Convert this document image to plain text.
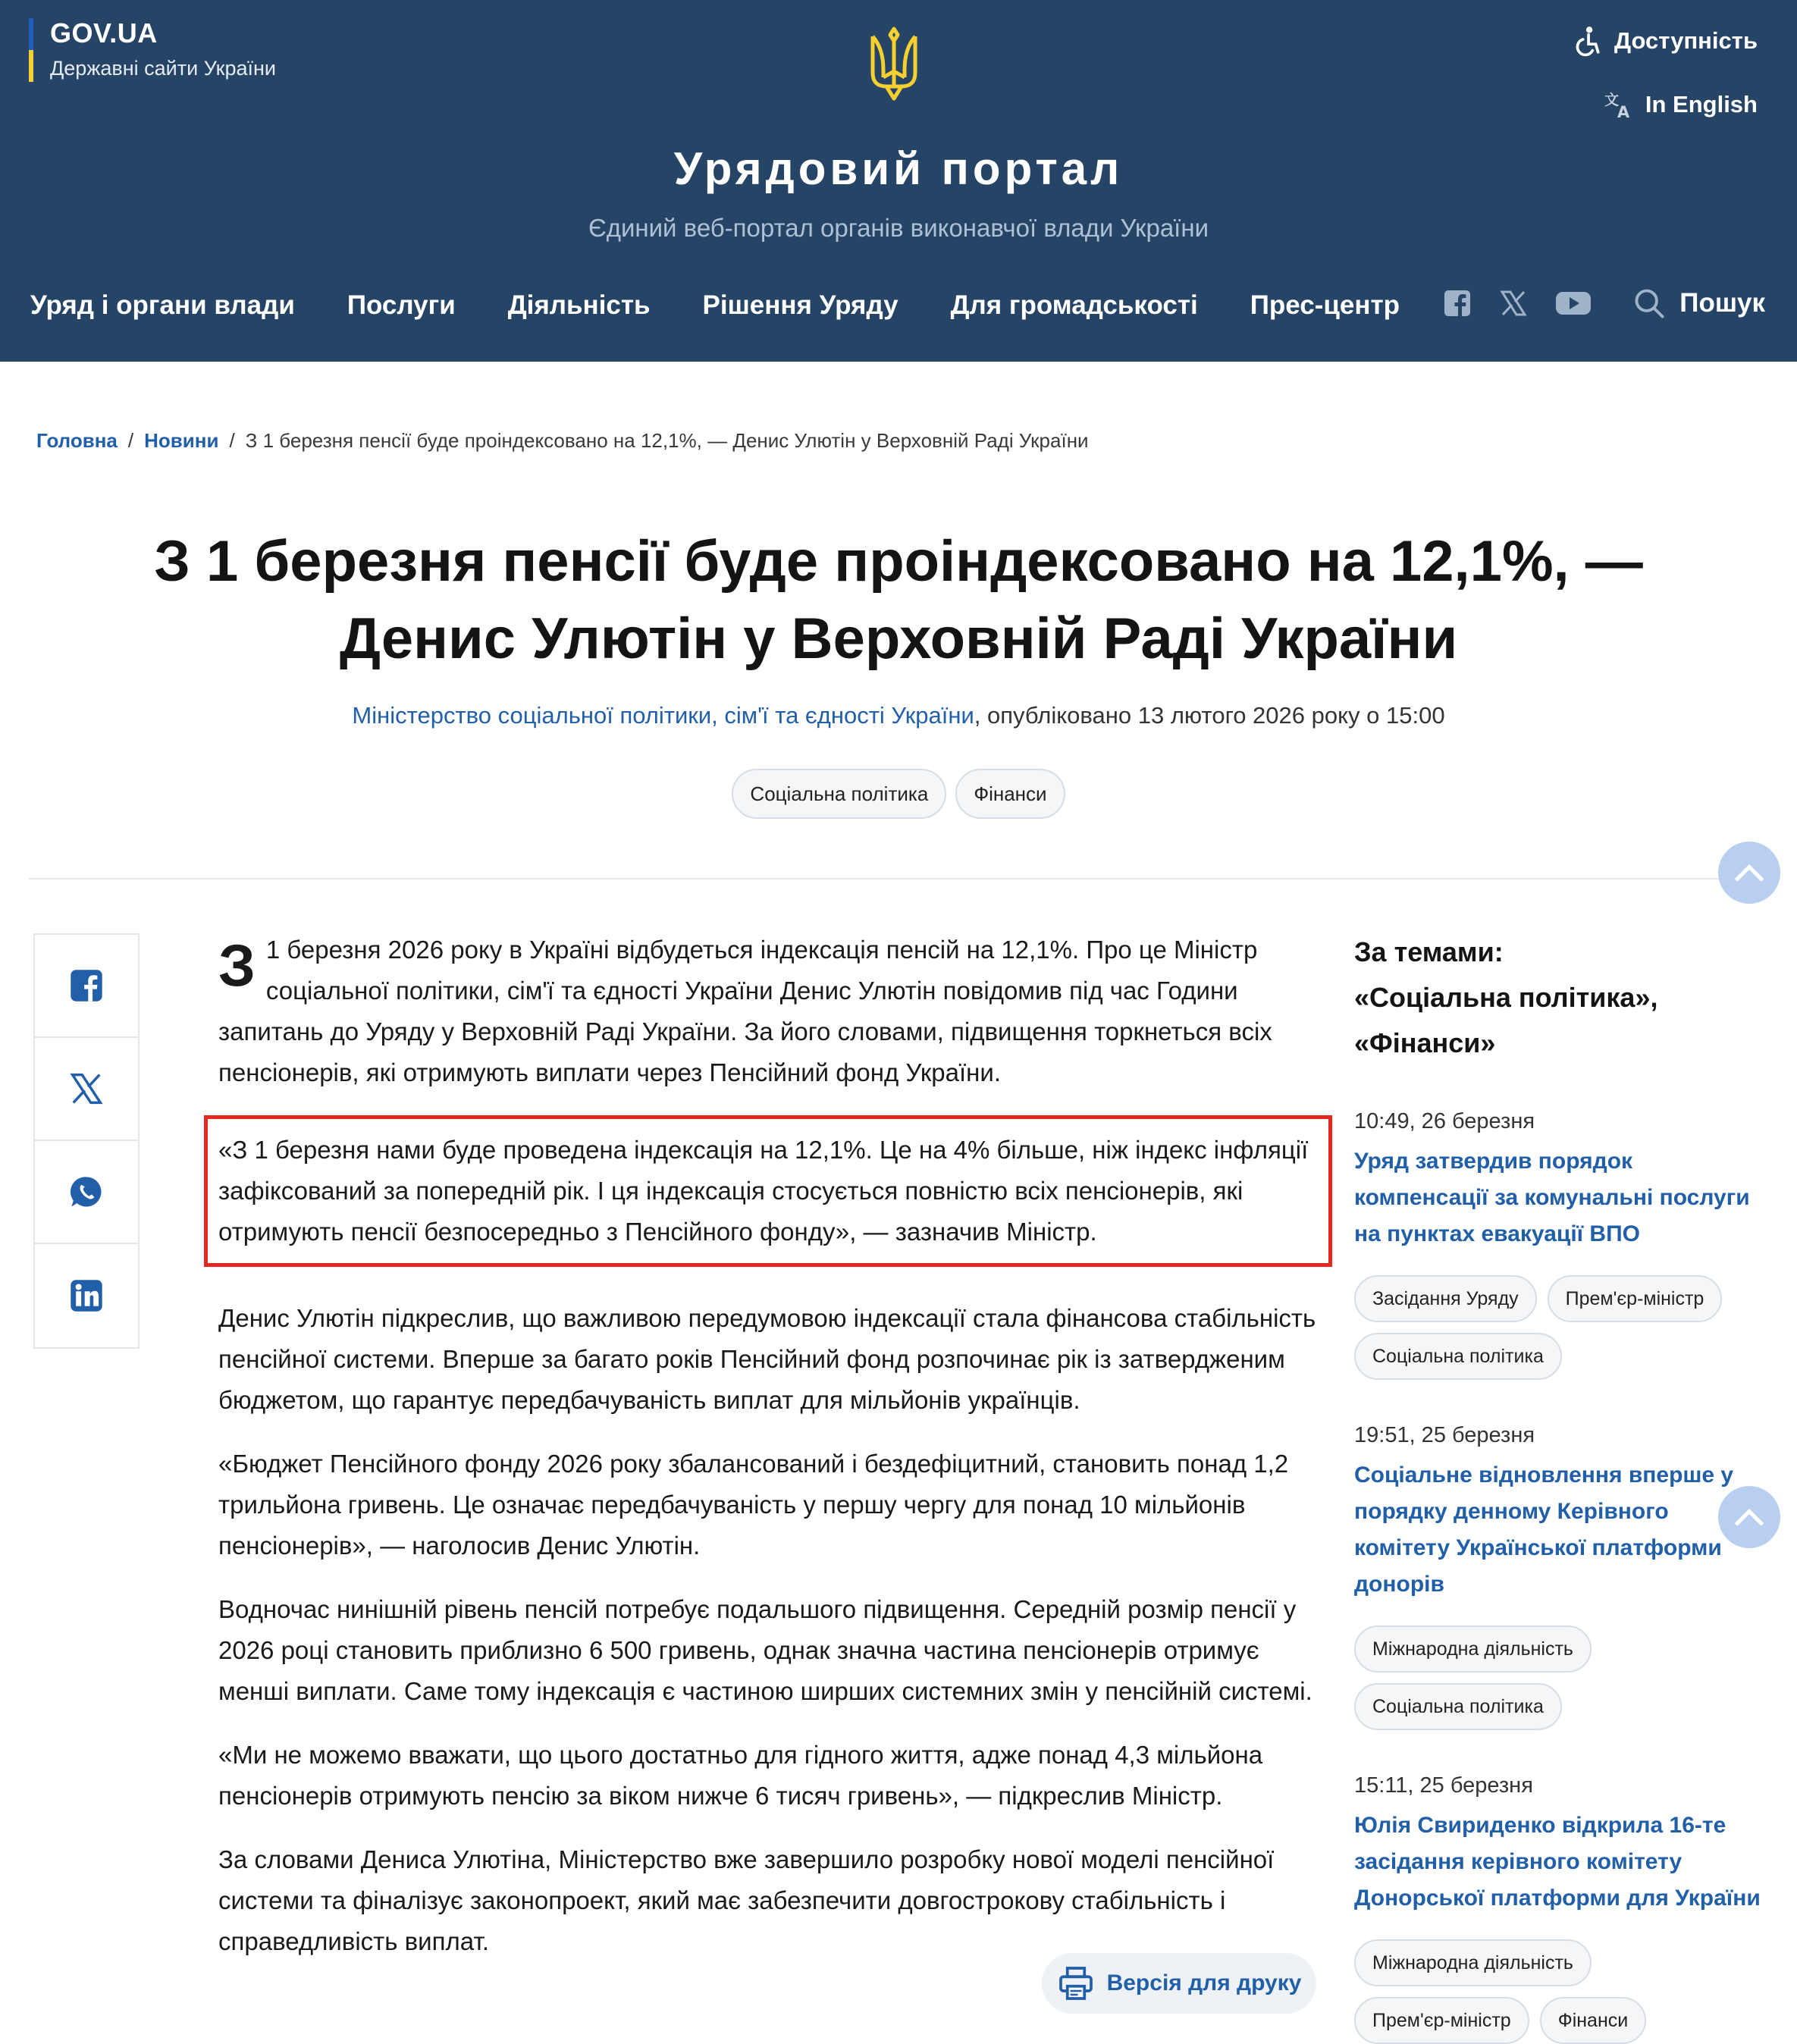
GOV.UA
Державні сайти України
Доступність
文
A In English
Урядовий портал
Єдиний веб-портал органів виконавчої влади України
Уряд і органи влади Послуги Діяльність Рішення Уряду Для громадськості Прес-центр	Пошук
Головна / Новини / З 1 березня пенсії буде проіндексовано на 12,1%, — Денис Улютін у Верховній Раді України
З 1 березня пенсії буде проіндексовано на 12,1%, — Денис Улютін у Верховній Раді України
Міністерство соціальної політики, сім'ї та єдності України, опубліковано 13 лютого 2026 року о 15:00
Соціальна політика	Фінанси

З 1 березня 2026 року в Україні відбудеться індексація пенсій на 12,1%. Про це Міністр соціальної політики, сім'ї та єдності України Денис Улютін повідомив під час Години запитань до Уряду у Верховній Раді України. За його словами, підвищення торкнеться всіх пенсіонерів, які отримують виплати через Пенсійний фонд України.

«З 1 березня нами буде проведена індексація на 12,1%. Це на 4% більше, ніж індекс інфляції зафіксований за попередній рік. І ця індексація стосується повністю всіх пенсіонерів, які отримують пенсії безпосередньо з Пенсійного фонду», — зазначив Міністр.

Денис Улютін підкреслив, що важливою передумовою індексації стала фінансова стабільність пенсійної системи. Вперше за багато років Пенсійний фонд розпочинає рік із затвердженим бюджетом, що гарантує передбачуваність виплат для мільйонів українців.

«Бюджет Пенсійного фонду 2026 року збалансований і бездефіцитний, становить понад 1,2 трильйона гривень. Це означає передбачуваність у першу чергу для понад 10 мільйонів пенсіонерів», — наголосив Денис Улютін.

Водночас нинішній рівень пенсій потребує подальшого підвищення. Середній розмір пенсії у 2026 році становить приблизно 6 500 гривень, однак значна частина пенсіонерів отримує менші виплати. Саме тому індексація є частиною ширших системних змін у пенсійній системі.

«Ми не можемо вважати, що цього достатньо для гідного життя, адже понад 4,3 мільйона пенсіонерів отримують пенсію за віком нижче 6 тисяч гривень», — підкреслив Міністр.

За словами Дениса Улютіна, Міністерство вже завершило розробку нової моделі пенсійної системи та фіналізує законопроект, який має забезпечити довгострокову стабільність і справедливість виплат.

Версія для друку
За темами:
«Соціальна політика»,
«Фінанси»
10:49, 26 березня
Уряд затвердив порядок компенсації за комунальні послуги на пунктах евакуації ВПО
Засідання Уряду	Прем'єр-міністр
Соціальна політика
19:51, 25 березня
Соціальне відновлення вперше у порядку денному Керівного комітету Української платформи донорів
Міжнародна діяльність
Соціальна політика
15:11, 25 березня
Юлія Свириденко відкрила 16-те засідання керівного комітету Донорської платформи для України
Міжнародна діяльність
Прем'єр-міністр	Фінанси
